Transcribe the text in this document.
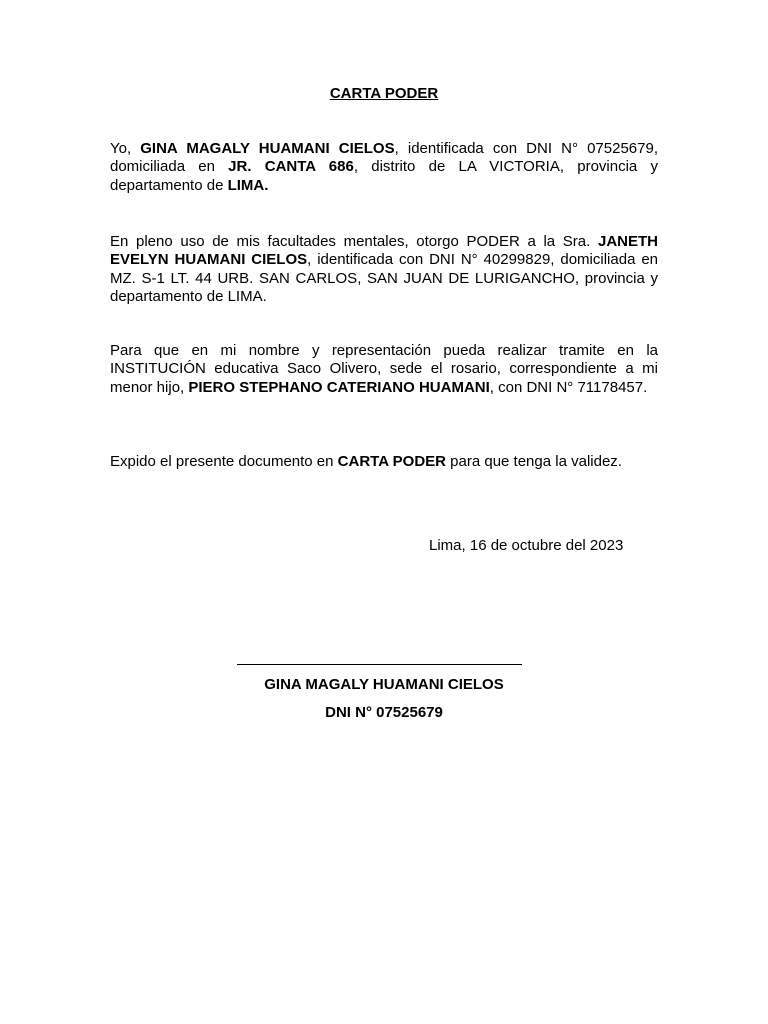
CARTA PODER

Yo, GINA MAGALY HUAMANI CIELOS, identificada con DNI N° 07525679, domiciliada en JR. CANTA 686, distrito de LA VICTORIA, provincia y departamento de LIMA.

En pleno uso de mis facultades mentales, otorgo PODER a la Sra. JANETH EVELYN HUAMANI CIELOS, identificada con DNI N° 40299829, domiciliada en MZ. S-1 LT. 44 URB. SAN CARLOS, SAN JUAN DE LURIGANCHO, provincia y departamento de LIMA.

Para que en mi nombre y representación pueda realizar tramite en la INSTITUCIÓN educativa Saco Olivero, sede el rosario, correspondiente a mi menor hijo, PIERO STEPHANO CATERIANO HUAMANI, con DNI N° 71178457.

Expido el presente documento en CARTA PODER para que tenga la validez.

Lima, 16 de octubre del 2023
GINA MAGALY HUAMANI CIELOS
DNI N° 07525679
